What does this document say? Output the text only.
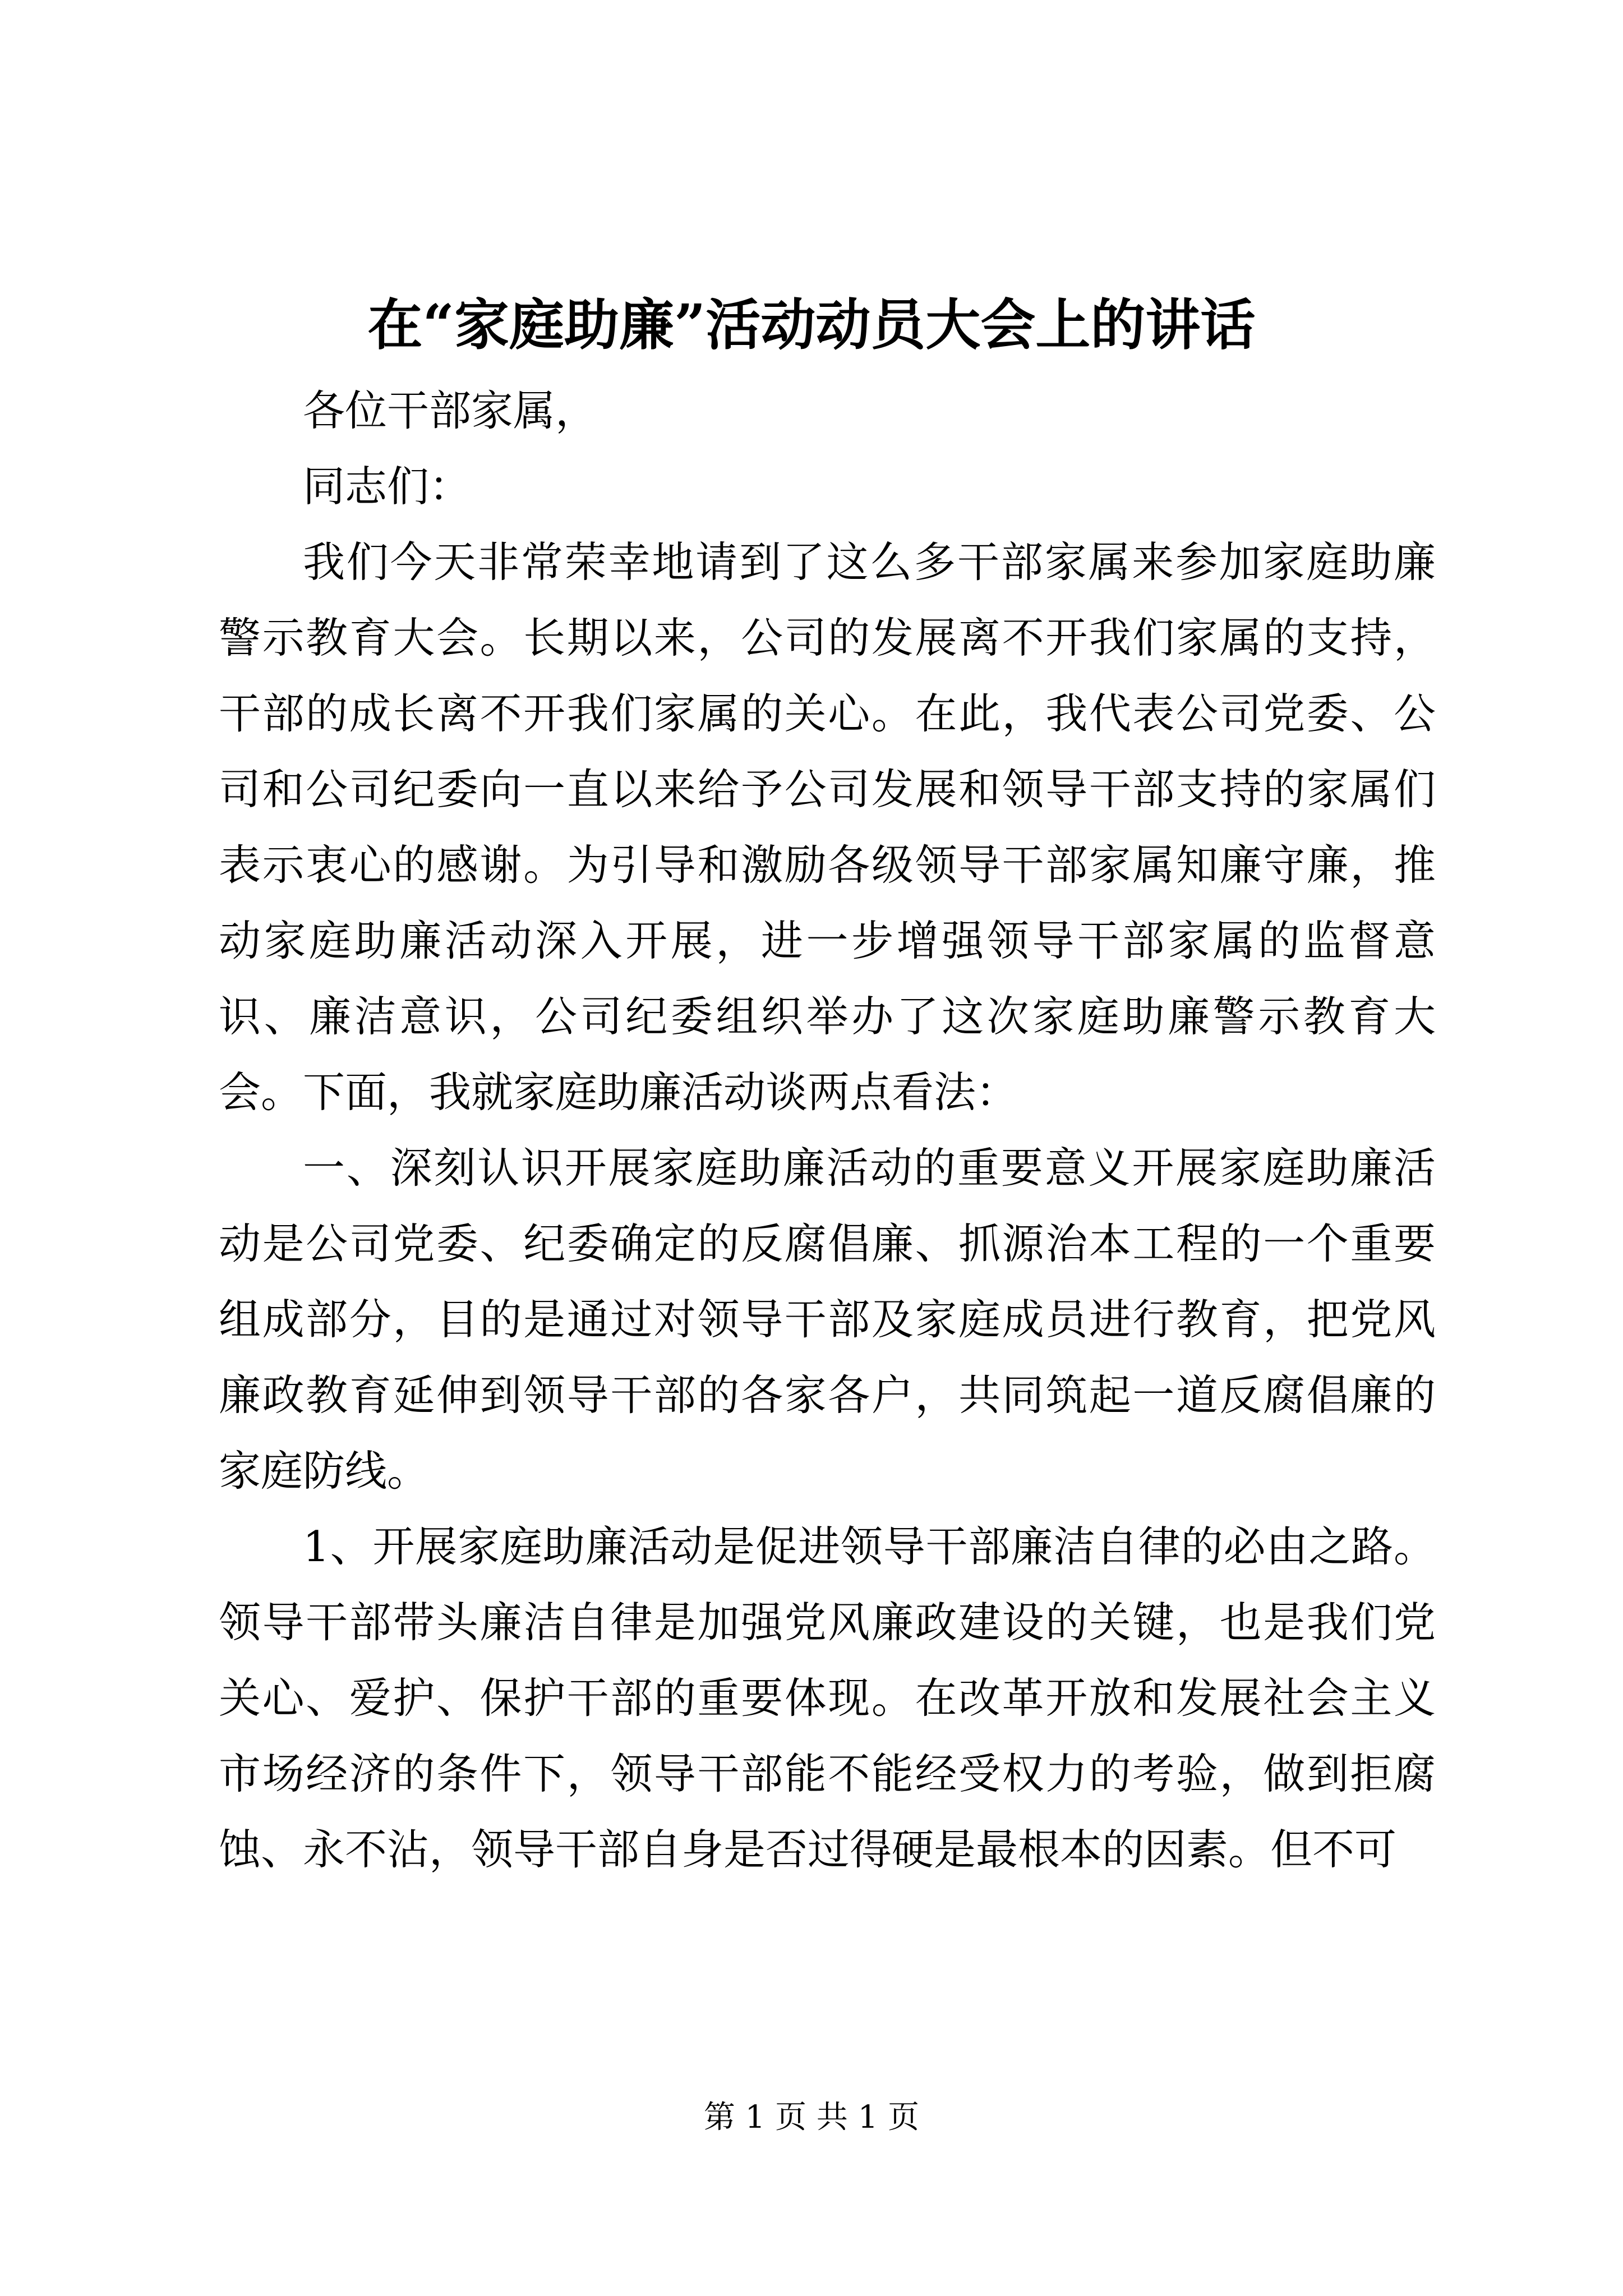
在“家庭助廉”活动动员大会上的讲话

各位干部家属，

同志们：

我们今天非常荣幸地请到了这么多干部家属来参加家庭助廉警示教育大会。长期以来，公司的发展离不开我们家属的支持，干部的成长离不开我们家属的关心。在此，我代表公司党委、公司和公司纪委向一直以来给予公司发展和领导干部支持的家属们表示衷心的感谢。为引导和激励各级领导干部家属知廉守廉，推动家庭助廉活动深入开展，进一步增强领导干部家属的监督意识、廉洁意识，公司纪委组织举办了这次家庭助廉警示教育大会。下面，我就家庭助廉活动谈两点看法：

一、深刻认识开展家庭助廉活动的重要意义开展家庭助廉活动是公司党委、纪委确定的反腐倡廉、抓源治本工程的一个重要组成部分，目的是通过对领导干部及家庭成员进行教育，把党风廉政教育延伸到领导干部的各家各户，共同筑起一道反腐倡廉的家庭防线。

1、开展家庭助廉活动是促进领导干部廉洁自律的必由之路。领导干部带头廉洁自律是加强党风廉政建设的关键，也是我们党关心、爱护、保护干部的重要体现。在改革开放和发展社会主义市场经济的条件下，领导干部能不能经受权力的考验，做到拒腐蚀、永不沾，领导干部自身是否过得硬是最根本的因素。但不可

第 1 页 共 1 页
